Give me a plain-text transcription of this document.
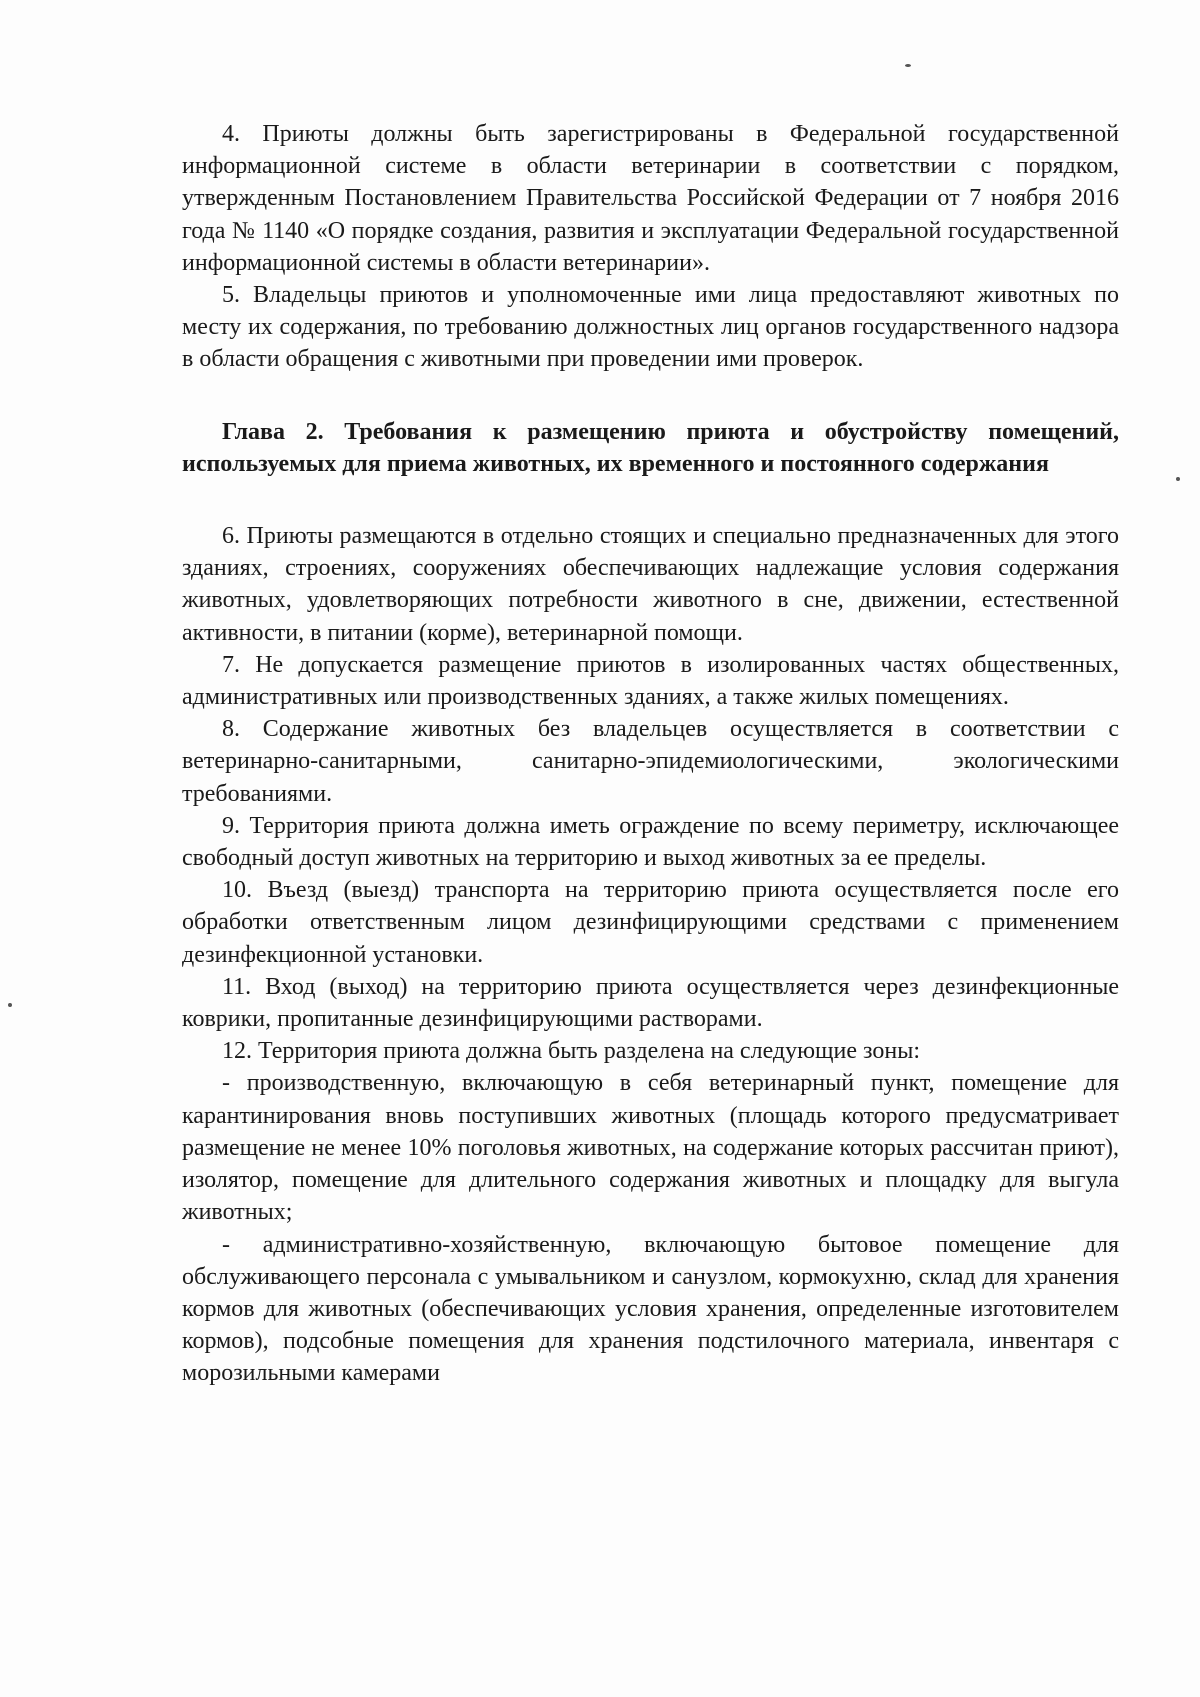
4. Приюты должны быть зарегистрированы в Федеральной государственной информационной системе в области ветеринарии в соответствии с порядком, утвержденным Постановлением Правительства Российской Федерации от 7 ноября 2016 года № 1140 «О порядке создания, развития и эксплуатации Федеральной государственной информационной системы в области ветеринарии».

5. Владельцы приютов и уполномоченные ими лица предоставляют животных по месту их содержания, по требованию должностных лиц органов государственного надзора в области обращения с животными при проведении ими проверок.

Глава 2. Требования к размещению приюта и обустройству помещений, используемых для приема животных, их временного и постоянного содержания

6. Приюты размещаются в отдельно стоящих и специально предназначенных для этого зданиях, строениях, сооружениях обеспечивающих надлежащие условия содержания животных, удовлетворяющих потребности животного в сне, движении, естественной активности, в питании (корме), ветеринарной помощи.

7. Не допускается размещение приютов в изолированных частях общественных, административных или производственных зданиях, а также жилых помещениях.

8. Содержание животных без владельцев осуществляется в соответствии с ветеринарно-санитарными, санитарно-эпидемиологическими, экологическими требованиями.

9. Территория приюта должна иметь ограждение по всему периметру, исключающее свободный доступ животных на территорию и выход животных за ее пределы.

10. Въезд (выезд) транспорта на территорию приюта осуществляется после его обработки ответственным лицом дезинфицирующими средствами с применением дезинфекционной установки.

11. Вход (выход) на территорию приюта осуществляется через дезинфекционные коврики, пропитанные дезинфицирующими растворами.

12. Территория приюта должна быть разделена на следующие зоны:

- производственную, включающую в себя ветеринарный пункт, помещение для карантинирования вновь поступивших животных (площадь которого предусматривает размещение не менее 10% поголовья животных, на содержание которых рассчитан приют), изолятор, помещение для длительного содержания животных и площадку для выгула животных;

- административно-хозяйственную, включающую бытовое помещение для обслуживающего персонала с умывальником и санузлом, кормокухню, склад для хранения кормов для животных (обеспечивающих условия хранения, определенные изготовителем кормов), подсобные помещения для хранения подстилочного материала, инвентаря с морозильными камерами
